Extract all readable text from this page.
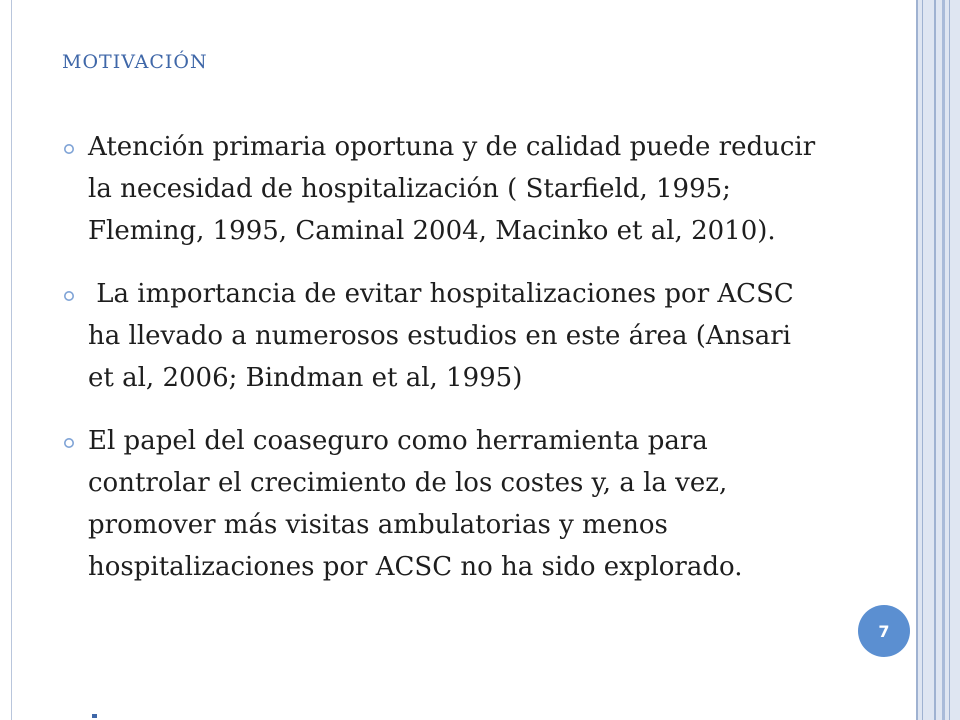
motivación
Atención primaria oportuna y de calidad puede reducir la necesidad de hospitalización ( Starfield, 1995; Fleming, 1995, Caminal 2004, Macinko et al, 2010).
La importancia de evitar hospitalizaciones por ACSC ha llevado a numerosos estudios en este área (Ansari et al, 2006; Bindman et al, 1995)
El papel del coaseguro como herramienta para controlar el crecimiento de los costes y, a la vez, promover más visitas ambulatorias y menos hospitalizaciones por ACSC no ha sido explorado.
7
